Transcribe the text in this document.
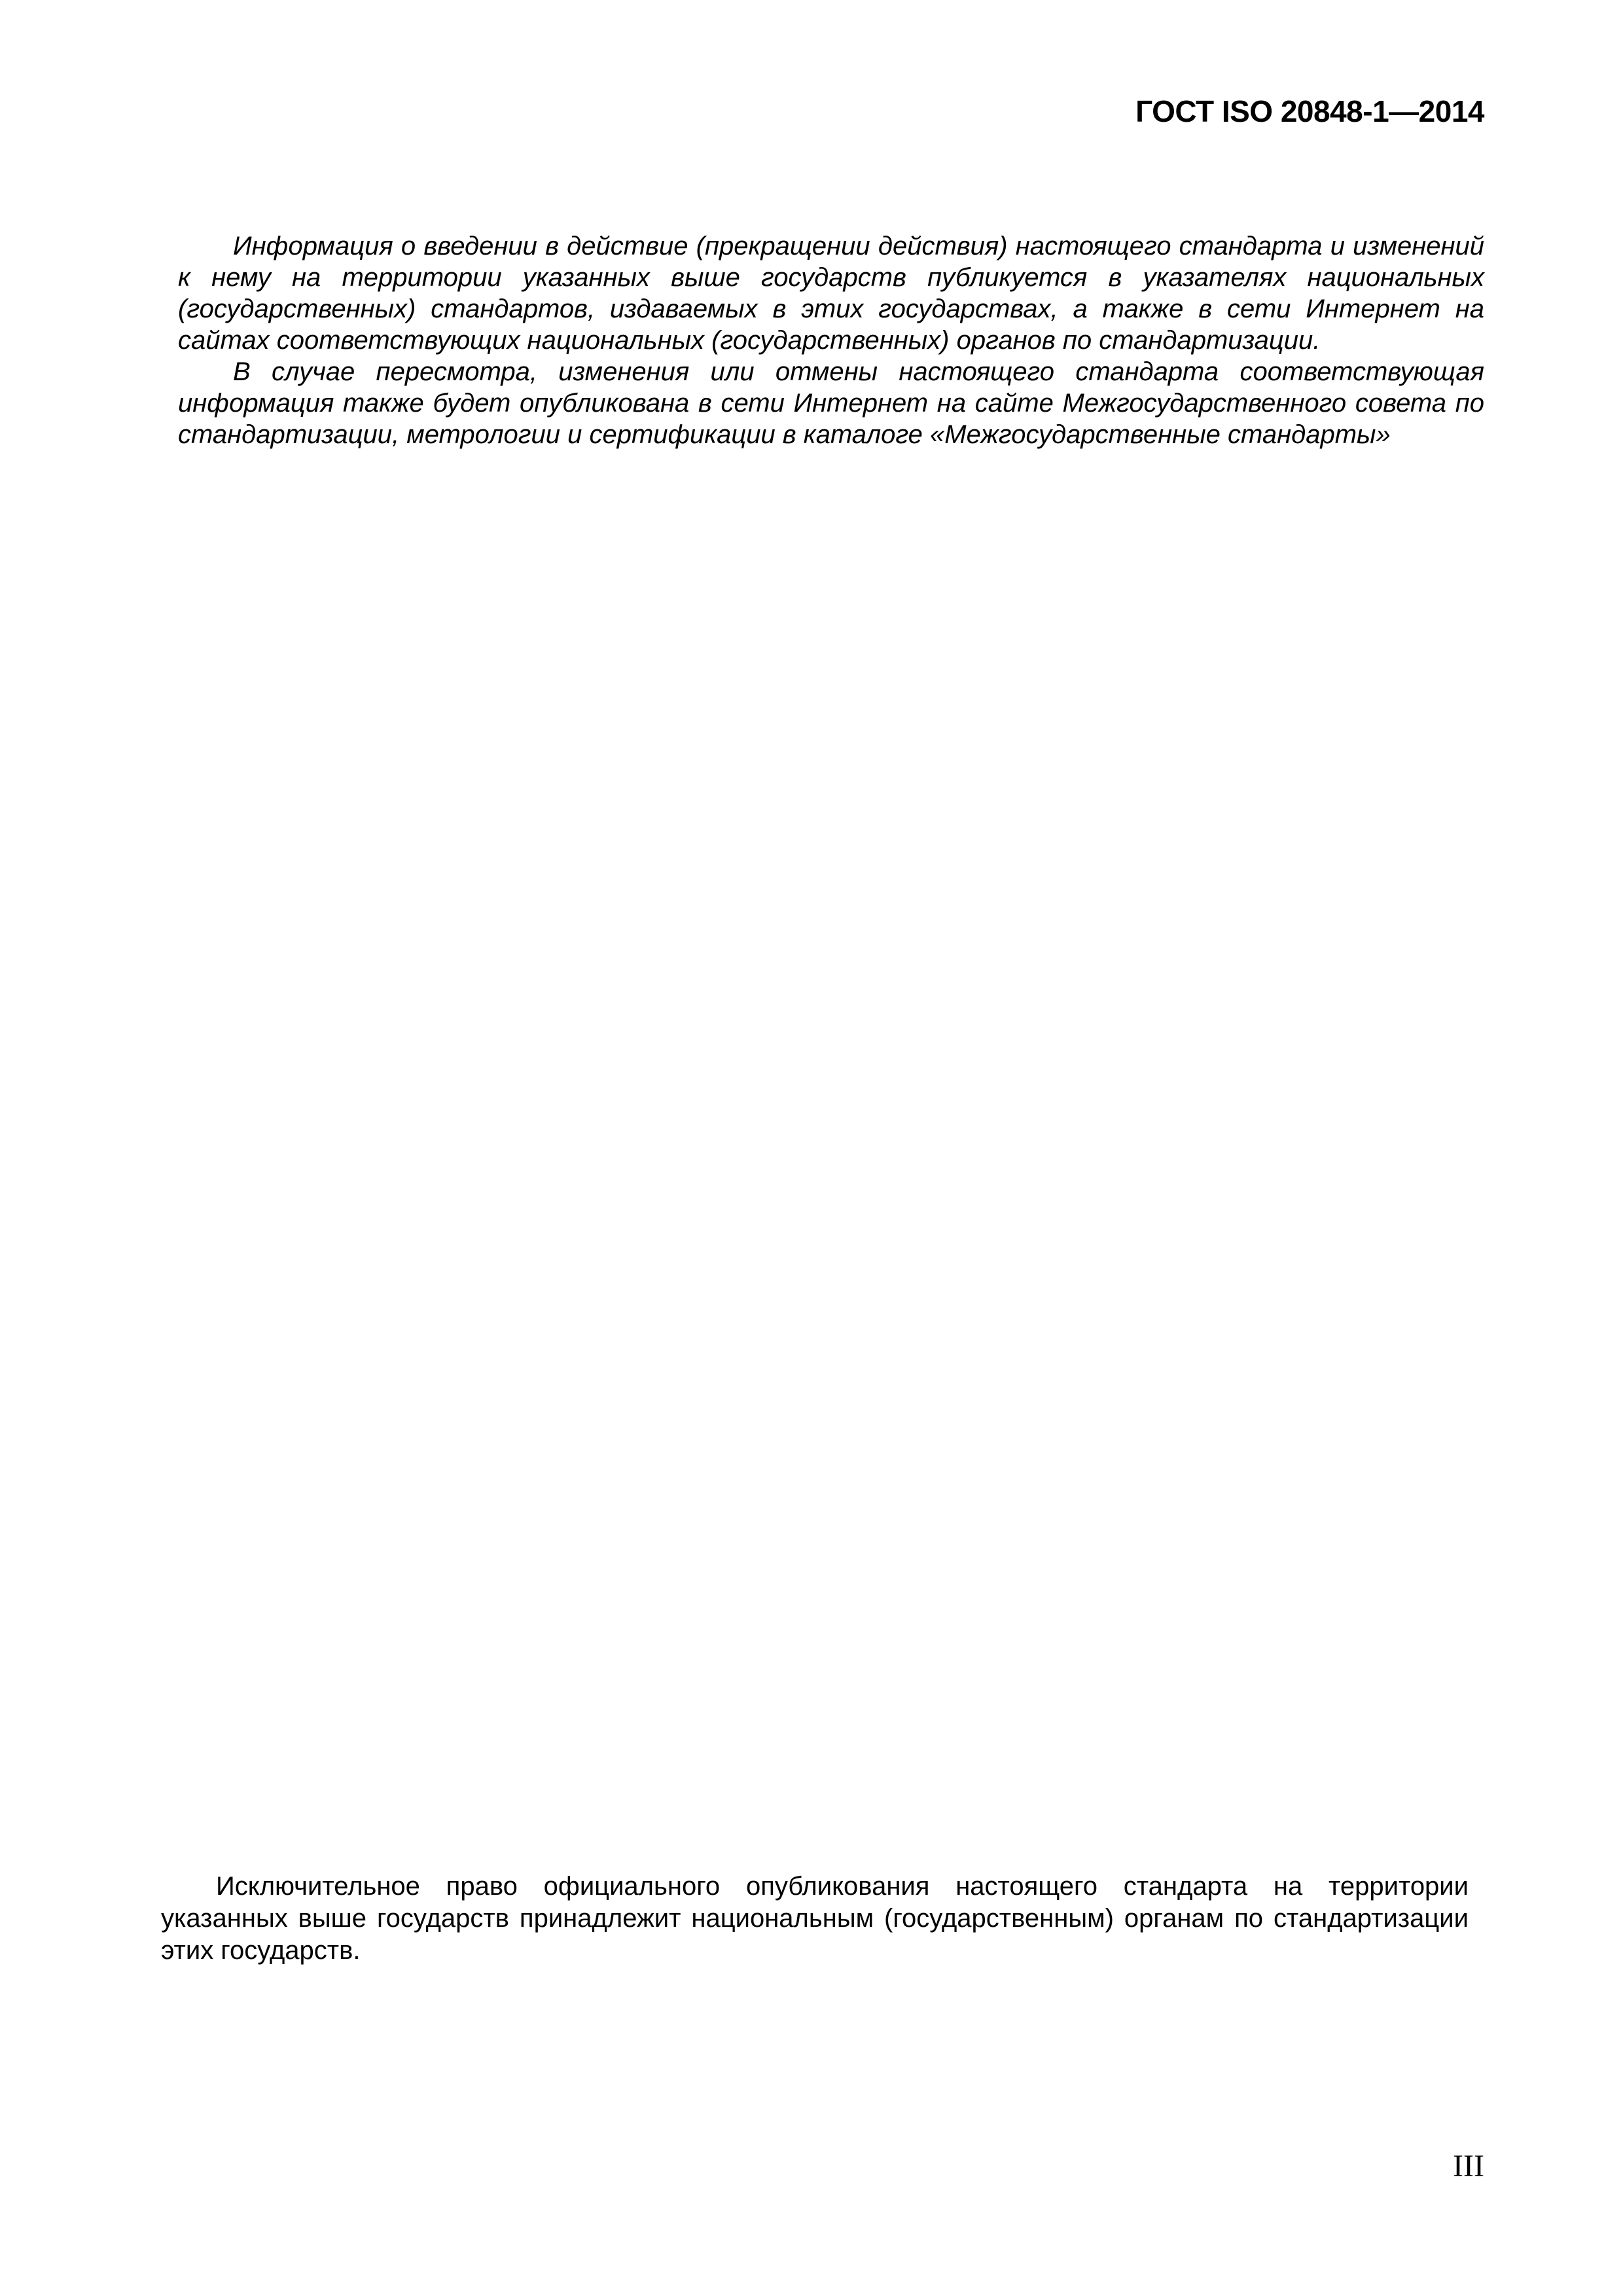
ГОСТ ISO 20848-1—2014

Информация о введении в действие (прекращении действия) настоящего стандарта и изменений к нему на территории указанных выше государств публикуется в указателях национальных (государственных) стандартов, издаваемых в этих государствах, а также в сети Интернет на сайтах соответствующих национальных (государственных) органов по стандартизации.

В случае пересмотра, изменения или отмены настоящего стандарта соответствующая информация также будет опубликована в сети Интернет на сайте Межгосударственного совета по стандартизации, метрологии и сертификации в каталоге «Межгосударственные стандарты»

Исключительное право официального опубликования настоящего стандарта на территории указанных выше государств принадлежит национальным (государственным) органам по стандартизации этих государств.

III
